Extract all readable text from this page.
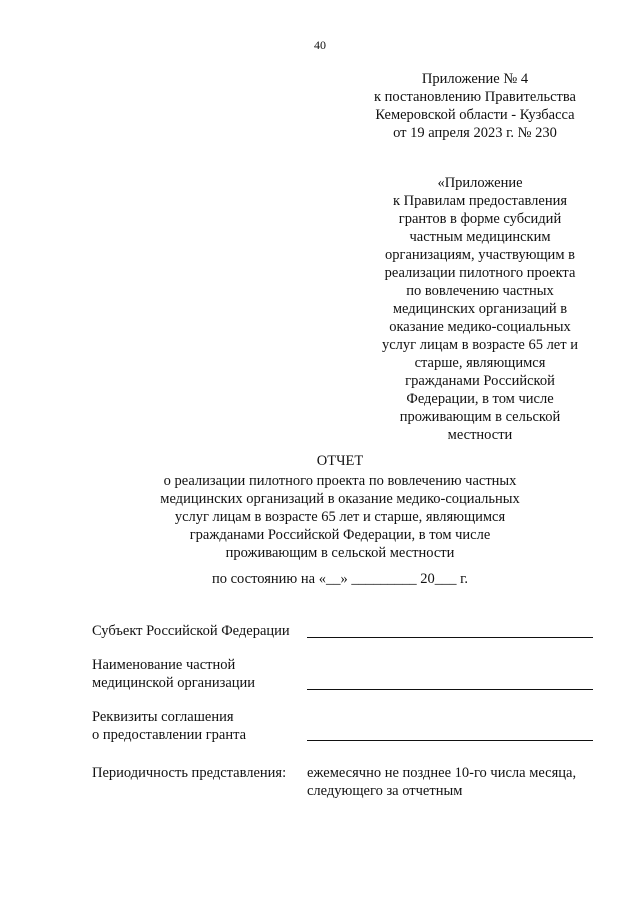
40
Приложение № 4
к постановлению Правительства
Кемеровской области - Кузбасса
от 19 апреля 2023 г. № 230
«Приложение
к Правилам предоставления
грантов в форме субсидий
частным медицинским
организациям, участвующим в
реализации пилотного проекта
по вовлечению частных
медицинских организаций в
оказание медико-социальных
услуг лицам в возрасте 65 лет и
старше, являющимся
гражданами Российской
Федерации, в том числе
проживающим в сельской
местности
ОТЧЕТ
о реализации пилотного проекта по вовлечению частных
медицинских организаций в оказание медико-социальных
услуг лицам в возрасте 65 лет и старше, являющимся
гражданами Российской Федерации, в том числе
проживающим в сельской местности
по состоянию на «__» _________ 20___ г.
Субъект Российской Федерации
Наименование частной
медицинской организации
Реквизиты соглашения
о предоставлении гранта
Периодичность представления: ежемесячно не позднее 10-го числа месяца,
следующего за отчетным
